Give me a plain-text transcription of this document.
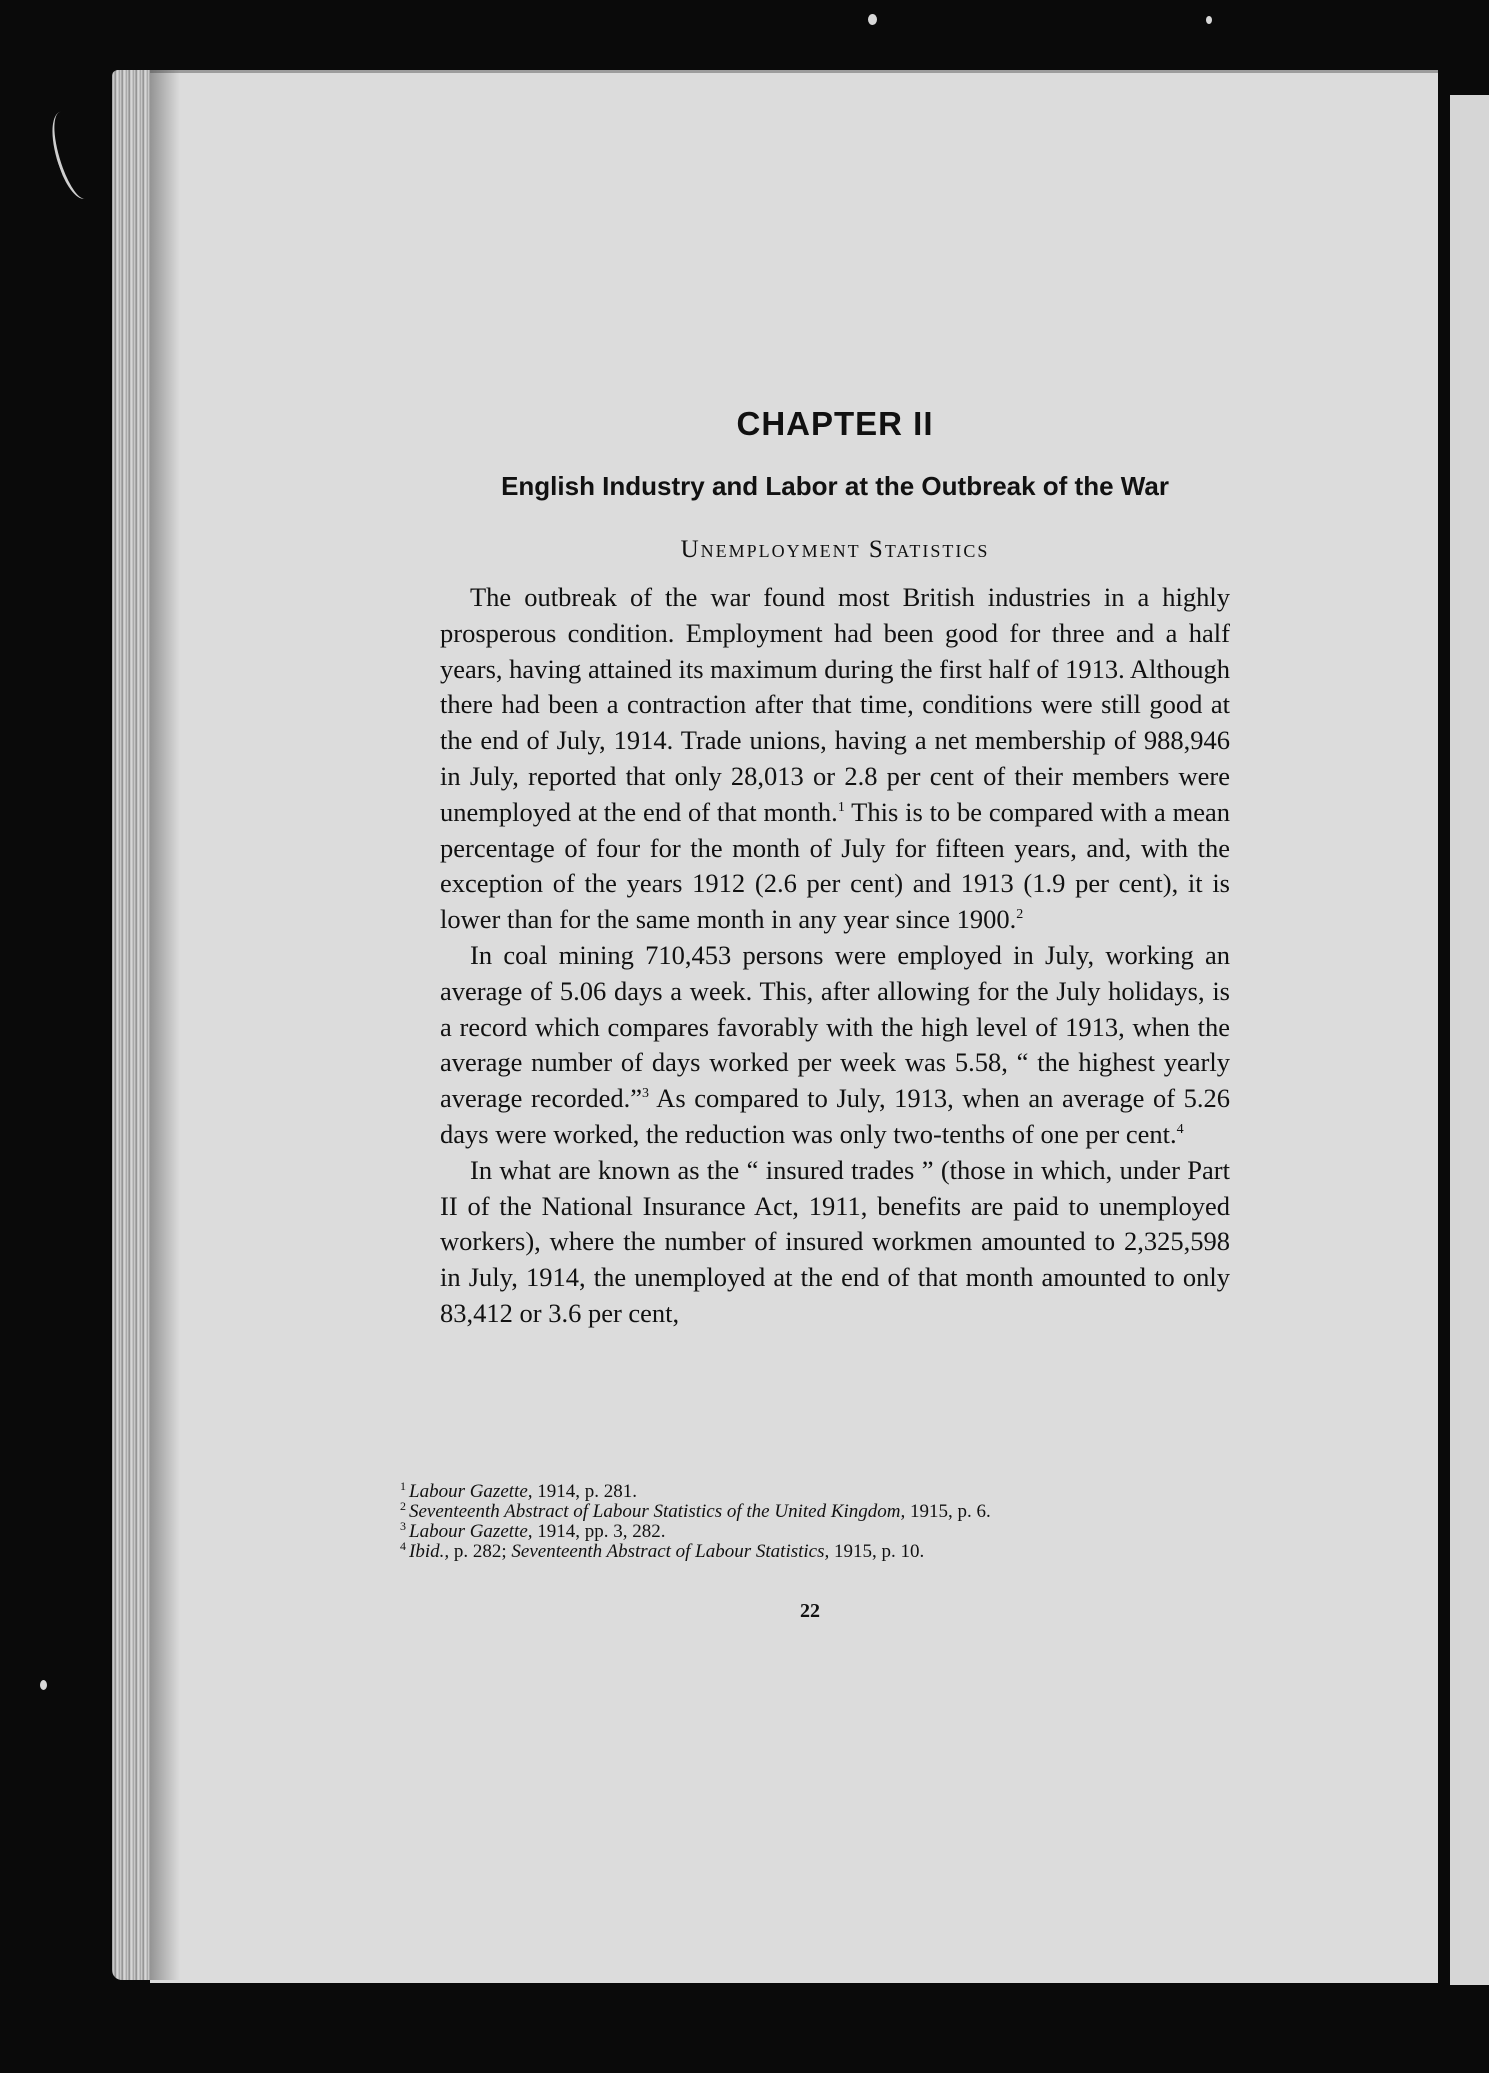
CHAPTER II
English Industry and Labor at the Outbreak of the War
Unemployment Statistics

The outbreak of the war found most British industries in a highly prosperous condition. Employment had been good for three and a half years, having attained its maximum during the first half of 1913. Although there had been a contraction after that time, conditions were still good at the end of July, 1914. Trade unions, having a net membership of 988,946 in July, reported that only 28,013 or 2.8 per cent of their members were unemployed at the end of that month.$^1$ This is to be compared with a mean percentage of four for the month of July for fifteen years, and, with the exception of the years 1912 (2.6 per cent) and 1913 (1.9 per cent), it is lower than for the same month in any year since 1900.$^2$

In coal mining 710,453 persons were employed in July, working an average of 5.06 days a week. This, after allowing for the July holidays, is a record which compares favorably with the high level of 1913, when the average number of days worked per week was 5.58, “ the highest yearly average recorded.”$^3$ As compared to July, 1913, when an average of 5.26 days were worked, the reduction was only two-tenths of one per cent.$^4$

In what are known as the “ insured trades ” (those in which, under Part II of the National Insurance Act, 1911, benefits are paid to unemployed workers), where the number of insured workmen amounted to 2,325,598 in July, 1914, the unemployed at the end of that month amounted to only 83,412 or 3.6 per cent,

$^1$ Labour Gazette, 1914, p. 281.

$^2$ Seventeenth Abstract of Labour Statistics of the United Kingdom, 1915, p. 6.

$^3$ Labour Gazette, 1914, pp. 3, 282.

$^4$ Ibid., p. 282; Seventeenth Abstract of Labour Statistics, 1915, p. 10.

22
